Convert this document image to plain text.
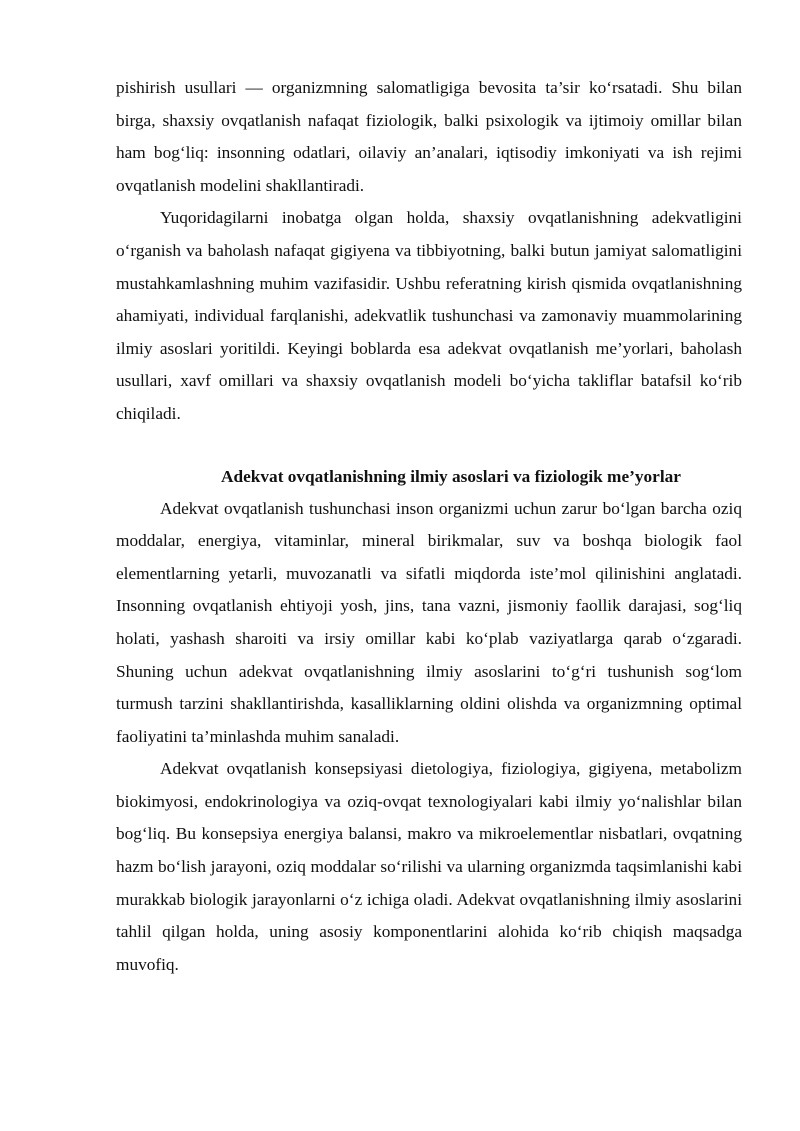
pishirish usullari — organizmning salomatligiga bevosita ta’sir ko‘rsatadi. Shu bilan birga, shaxsiy ovqatlanish nafaqat fiziologik, balki psixologik va ijtimoiy omillar bilan ham bog‘liq: insonning odatlari, oilaviy an’analari, iqtisodiy imkoniyati va ish rejimi ovqatlanish modelini shakllantiradi.

Yuqoridagilarni inobatga olgan holda, shaxsiy ovqatlanishning adekvatligini o‘rganish va baholash nafaqat gigiyena va tibbiyotning, balki butun jamiyat salomatligini mustahkamlashning muhim vazifasidir. Ushbu referatning kirish qismida ovqatlanishning ahamiyati, individual farqlanishi, adekvatlik tushunchasi va zamonaviy muammolarining ilmiy asoslari yoritildi. Keyingi boblarda esa adekvat ovqatlanish me’yorlari, baholash usullari, xavf omillari va shaxsiy ovqatlanish modeli bo‘yicha takliflar batafsil ko‘rib chiqiladi.

Adekvat ovqatlanishning ilmiy asoslari va fiziologik me’yorlar

Adekvat ovqatlanish tushunchasi inson organizmi uchun zarur bo‘lgan barcha oziq moddalar, energiya, vitaminlar, mineral birikmalar, suv va boshqa biologik faol elementlarning yetarli, muvozanatli va sifatli miqdorda iste’mol qilinishini anglatadi. Insonning ovqatlanish ehtiyoji yosh, jins, tana vazni, jismoniy faollik darajasi, sog‘liq holati, yashash sharoiti va irsiy omillar kabi ko‘plab vaziyatlarga qarab o‘zgaradi. Shuning uchun adekvat ovqatlanishning ilmiy asoslarini to‘g‘ri tushunish sog‘lom turmush tarzini shakllantirishda, kasalliklarning oldini olishda va organizmning optimal faoliyatini ta’minlashda muhim sanaladi.

Adekvat ovqatlanish konsepsiyasi dietologiya, fiziologiya, gigiyena, metabolizm biokimyosi, endokrinologiya va oziq-ovqat texnologiyalari kabi ilmiy yo‘nalishlar bilan bog‘liq. Bu konsepsiya energiya balansi, makro va mikroelementlar nisbatlari, ovqatning hazm bo‘lish jarayoni, oziq moddalar so‘rilishi va ularning organizmda taqsimlanishi kabi murakkab biologik jarayonlarni o‘z ichiga oladi. Adekvat ovqatlanishning ilmiy asoslarini tahlil qilgan holda, uning asosiy komponentlarini alohida ko‘rib chiqish maqsadga muvofiq.
